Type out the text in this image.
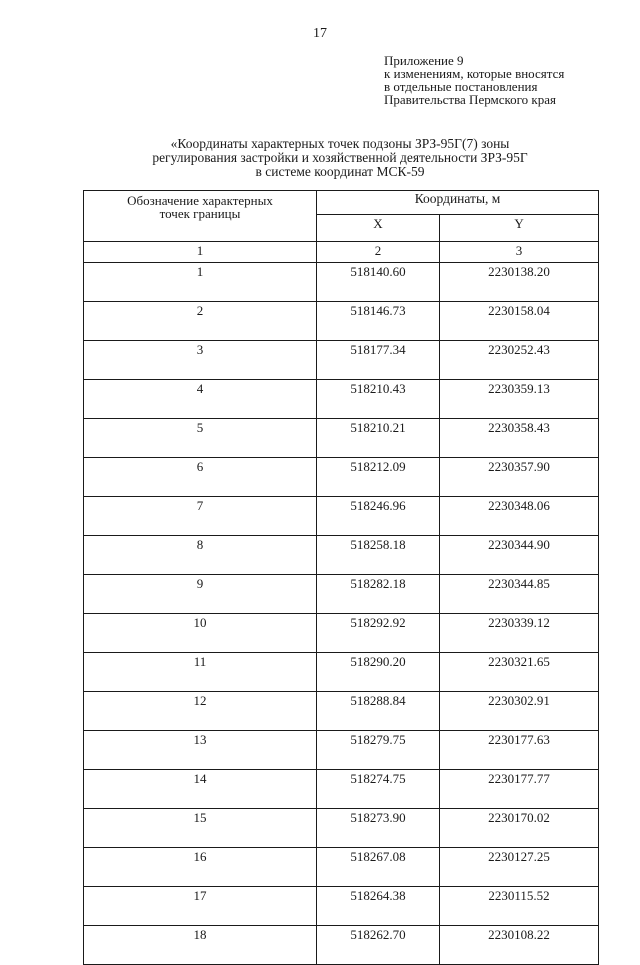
17
Приложение 9
к изменениям, которые вносятся
в отдельные постановления
Правительства Пермского края
«Координаты характерных точек подзоны ЗРЗ-95Г(7) зоны
регулирования застройки и хозяйственной деятельности ЗРЗ-95Г
в системе координат МСК-59
Обозначение характерных
точек границы	Координаты, м	
	X	Y
1	2	3
1	518140.60	2230138.20
2	518146.73	2230158.04
3	518177.34	2230252.43
4	518210.43	2230359.13
5	518210.21	2230358.43
6	518212.09	2230357.90
7	518246.96	2230348.06
8	518258.18	2230344.90
9	518282.18	2230344.85
10	518292.92	2230339.12
11	518290.20	2230321.65
12	518288.84	2230302.91
13	518279.75	2230177.63
14	518274.75	2230177.77
15	518273.90	2230170.02
16	518267.08	2230127.25
17	518264.38	2230115.52
18	518262.70	2230108.22
